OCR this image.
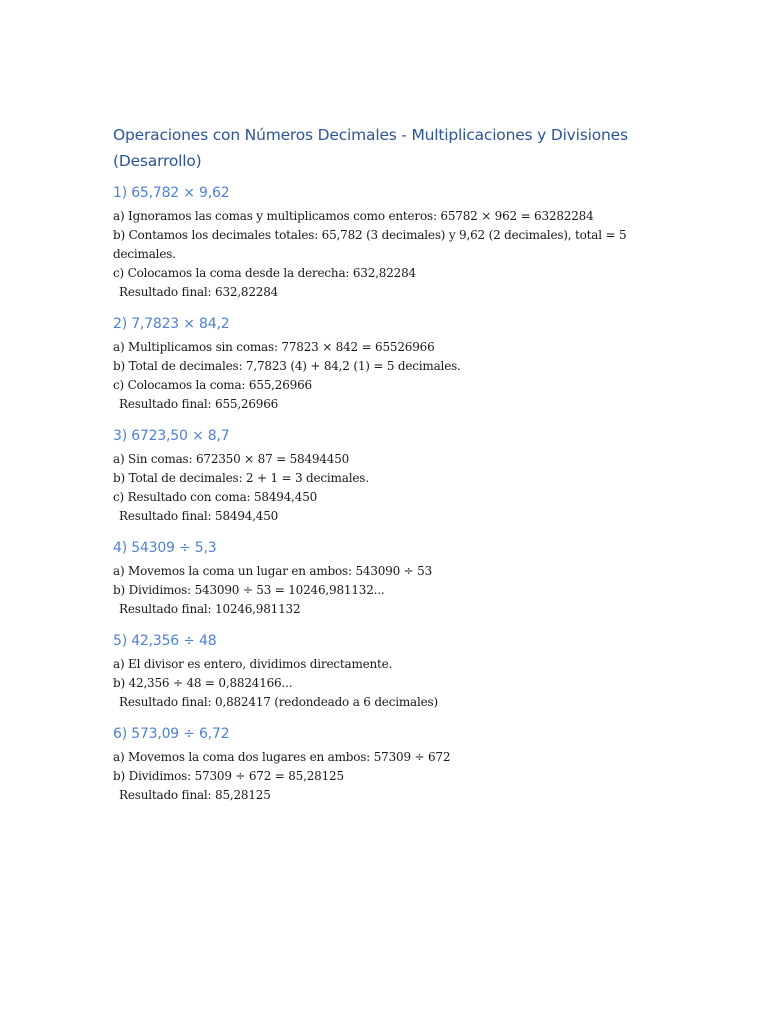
Operaciones con Números Decimales - Multiplicaciones y Divisiones (Desarrollo)
1) 65,782 × 9,62

a) Ignoramos las comas y multiplicamos como enteros: 65782 × 962 = 63282284

b) Contamos los decimales totales: 65,782 (3 decimales) y 9,62 (2 decimales), total = 5 decimales.

c) Colocamos la coma desde la derecha: 632,82284

Resultado final: 632,82284

2) 7,7823 × 84,2

a) Multiplicamos sin comas: 77823 × 842 = 65526966

b) Total de decimales: 7,7823 (4) + 84,2 (1) = 5 decimales.

c) Colocamos la coma: 655,26966

Resultado final: 655,26966

3) 6723,50 × 8,7

a) Sin comas: 672350 × 87 = 58494450

b) Total de decimales: 2 + 1 = 3 decimales.

c) Resultado con coma: 58494,450

Resultado final: 58494,450

4) 54309 ÷ 5,3

a) Movemos la coma un lugar en ambos: 543090 ÷ 53

b) Dividimos: 543090 ÷ 53 = 10246,981132...

Resultado final: 10246,981132

5) 42,356 ÷ 48

a) El divisor es entero, dividimos directamente.

b) 42,356 ÷ 48 = 0,8824166...

Resultado final: 0,882417 (redondeado a 6 decimales)

6) 573,09 ÷ 6,72

a) Movemos la coma dos lugares en ambos: 57309 ÷ 672

b) Dividimos: 57309 ÷ 672 = 85,28125

Resultado final: 85,28125
